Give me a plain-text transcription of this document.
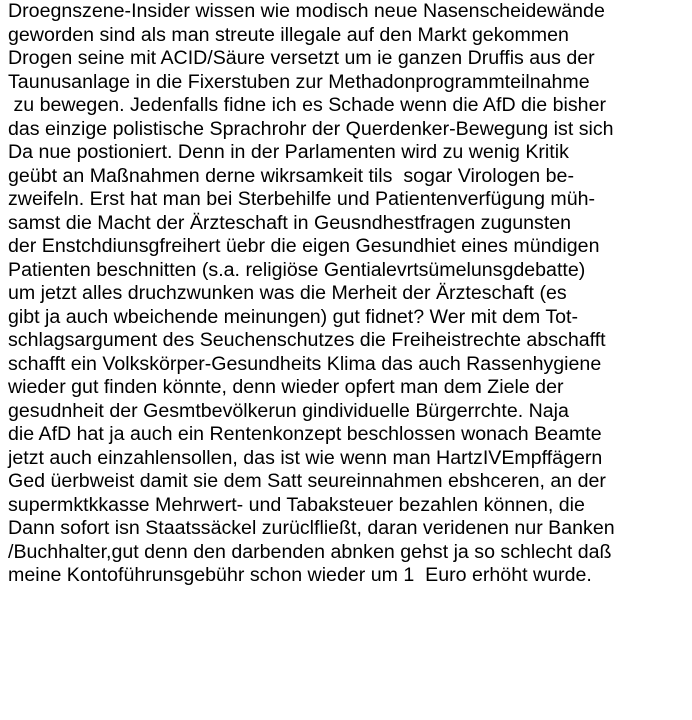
Droegnszene-Insider wissen wie modisch neue Nasenscheidewände
geworden sind als man streute illegale auf den Markt gekommen
Drogen seine mit ACID/Säure versetzt um ie ganzen Druffis aus der
Taunusanlage in die Fixerstuben zur Methadonprogrammteilnahme
zu bewegen. Jedenfalls fidne ich es Schade wenn die AfD die bisher
das einzige polistische Sprachrohr der Querdenker-Bewegung ist sich
Da nue postioniert. Denn in der Parlamenten wird zu wenig Kritik
geübt an Maßnahmen derne wikrsamkeit tils  sogar Virologen be-
zweifeln. Erst hat man bei Sterbehilfe und Patientenverfügung müh-
samst die Macht der Ärzteschaft in Geusndhestfragen zugunsten
der Enstchdiunsgfreihert üebr die eigen Gesundhiet eines mündigen
Patienten beschnitten (s.a. religiöse Gentialevrtsümelunsgdebatte)
um jetzt alles druchzwunken was die Merheit der Ärzteschaft (es
gibt ja auch wbeichende meinungen) gut fidnet? Wer mit dem Tot-
schlagsargument des Seuchenschutzes die Freiheistrechte abschafft
schafft ein Volkskörper-Gesundheits Klima das auch Rassenhygiene
wieder gut finden könnte, denn wieder opfert man dem Ziele der
gesudnheit der Gesmtbevölkerun gindividuelle Bürgerrchte. Naja
die AfD hat ja auch ein Rentenkonzept beschlossen wonach Beamte
jetzt auch einzahlensollen, das ist wie wenn man HartzIVEmpffägern
Ged üerbweist damit sie dem Satt seureinnahmen ebshceren, an der
supermktkkasse Mehrwert- und Tabaksteuer bezahlen können, die
Dann sofort isn Staatssäckel zurüclfließt, daran veridenen nur Banken
/Buchhalter,gut denn den darbenden abnken gehst ja so schlecht daß
meine Kontoführunsgebühr schon wieder um 1  Euro erhöht wurde.
